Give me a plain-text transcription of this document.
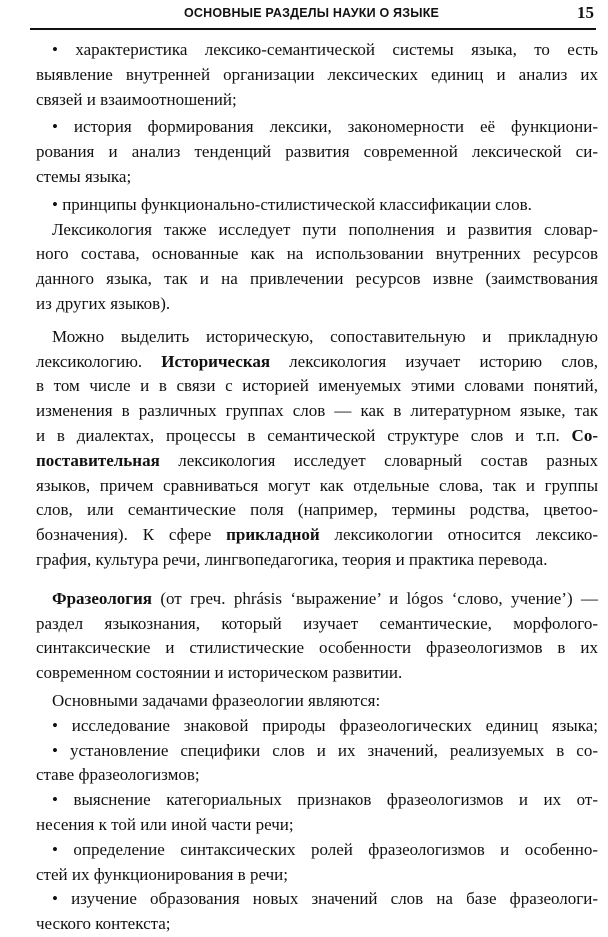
ОСНОВНЫЕ РАЗДЕЛЫ НАУКИ О ЯЗЫКЕ	15
• характеристика лексико-семантической системы языка, то есть
выявление внутренней организации лексических единиц и анализ их
связей и взаимоотношений;
• история формирования лексики, закономерности её функциони-
рования и анализ тенденций развития современной лексической си-
стемы языка;
• принципы функционально-стилистической классификации слов.
Лексикология также исследует пути пополнения и развития словар-
ного состава, основанные как на использовании внутренних ресурсов
данного языка, так и на привлечении ресурсов извне (заимствования
из других языков).
Можно выделить историческую, сопоставительную и прикладную
лексикологию. Историческая лексикология изучает историю слов,
в том числе и в связи с историей именуемых этими словами понятий,
изменения в различных группах слов — как в литературном языке, так
и в диалектах, процессы в семантической структуре слов и т.п. Со-
поставительная лексикология исследует словарный состав разных
языков, причем сравниваться могут как отдельные слова, так и группы
слов, или семантические поля (например, термины родства, цветоо-
бозначения). К сфере прикладной лексикологии относится лексико-
графия, культура речи, лингвопедагогика, теория и практика перевода.
Фразеология (от греч. phrásis ‘выражение’ и lógos ‘слово, учение’) —
раздел языкознания, который изучает семантические, морфолого-
синтаксические и стилистические особенности фразеологизмов в их
современном состоянии и историческом развитии.
Основными задачами фразеологии являются:
• исследование знаковой природы фразеологических единиц языка;
• установление специфики слов и их значений, реализуемых в со-
ставе фразеологизмов;
• выяснение категориальных признаков фразеологизмов и их от-
несения к той или иной части речи;
• определение синтаксических ролей фразеологизмов и особенно-
стей их функционирования в речи;
• изучение образования новых значений слов на базе фразеологи-
ческого контекста;
